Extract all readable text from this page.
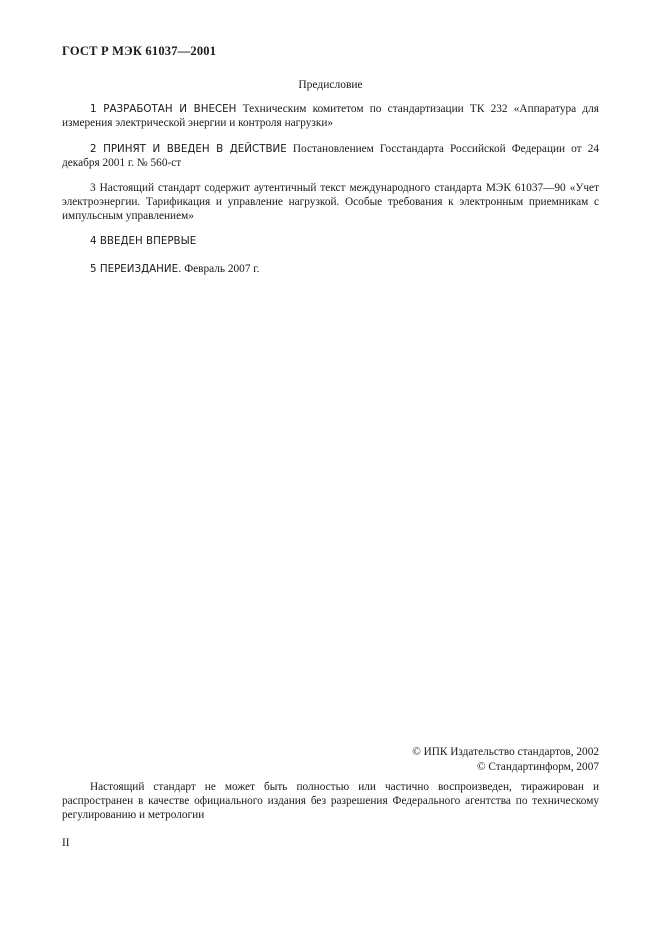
ГОСТ Р МЭК 61037—2001
Предисловие

1 РАЗРАБОТАН И ВНЕСЕН Техническим комитетом по стандартизации ТК 232 «Аппаратура для измерения электрической энергии и контроля нагрузки»

2 ПРИНЯТ И ВВЕДЕН В ДЕЙСТВИЕ Постановлением Госстандарта Российской Федерации от 24 декабря 2001 г. № 560-ст

3 Настоящий стандарт содержит аутентичный текст международного стандарта МЭК 61037—90 «Учет электроэнергии. Тарификация и управление нагрузкой. Особые требования к электронным приемникам с импульсным управлением»

4 ВВЕДЕН ВПЕРВЫЕ

5 ПЕРЕИЗДАНИЕ. Февраль 2007 г.

© ИПК Издательство стандартов, 2002
© Стандартинформ, 2007

Настоящий стандарт не может быть полностью или частично воспроизведен, тиражирован и распространен в качестве официального издания без разрешения Федерального агентства по техническому регулированию и метрологии

II
